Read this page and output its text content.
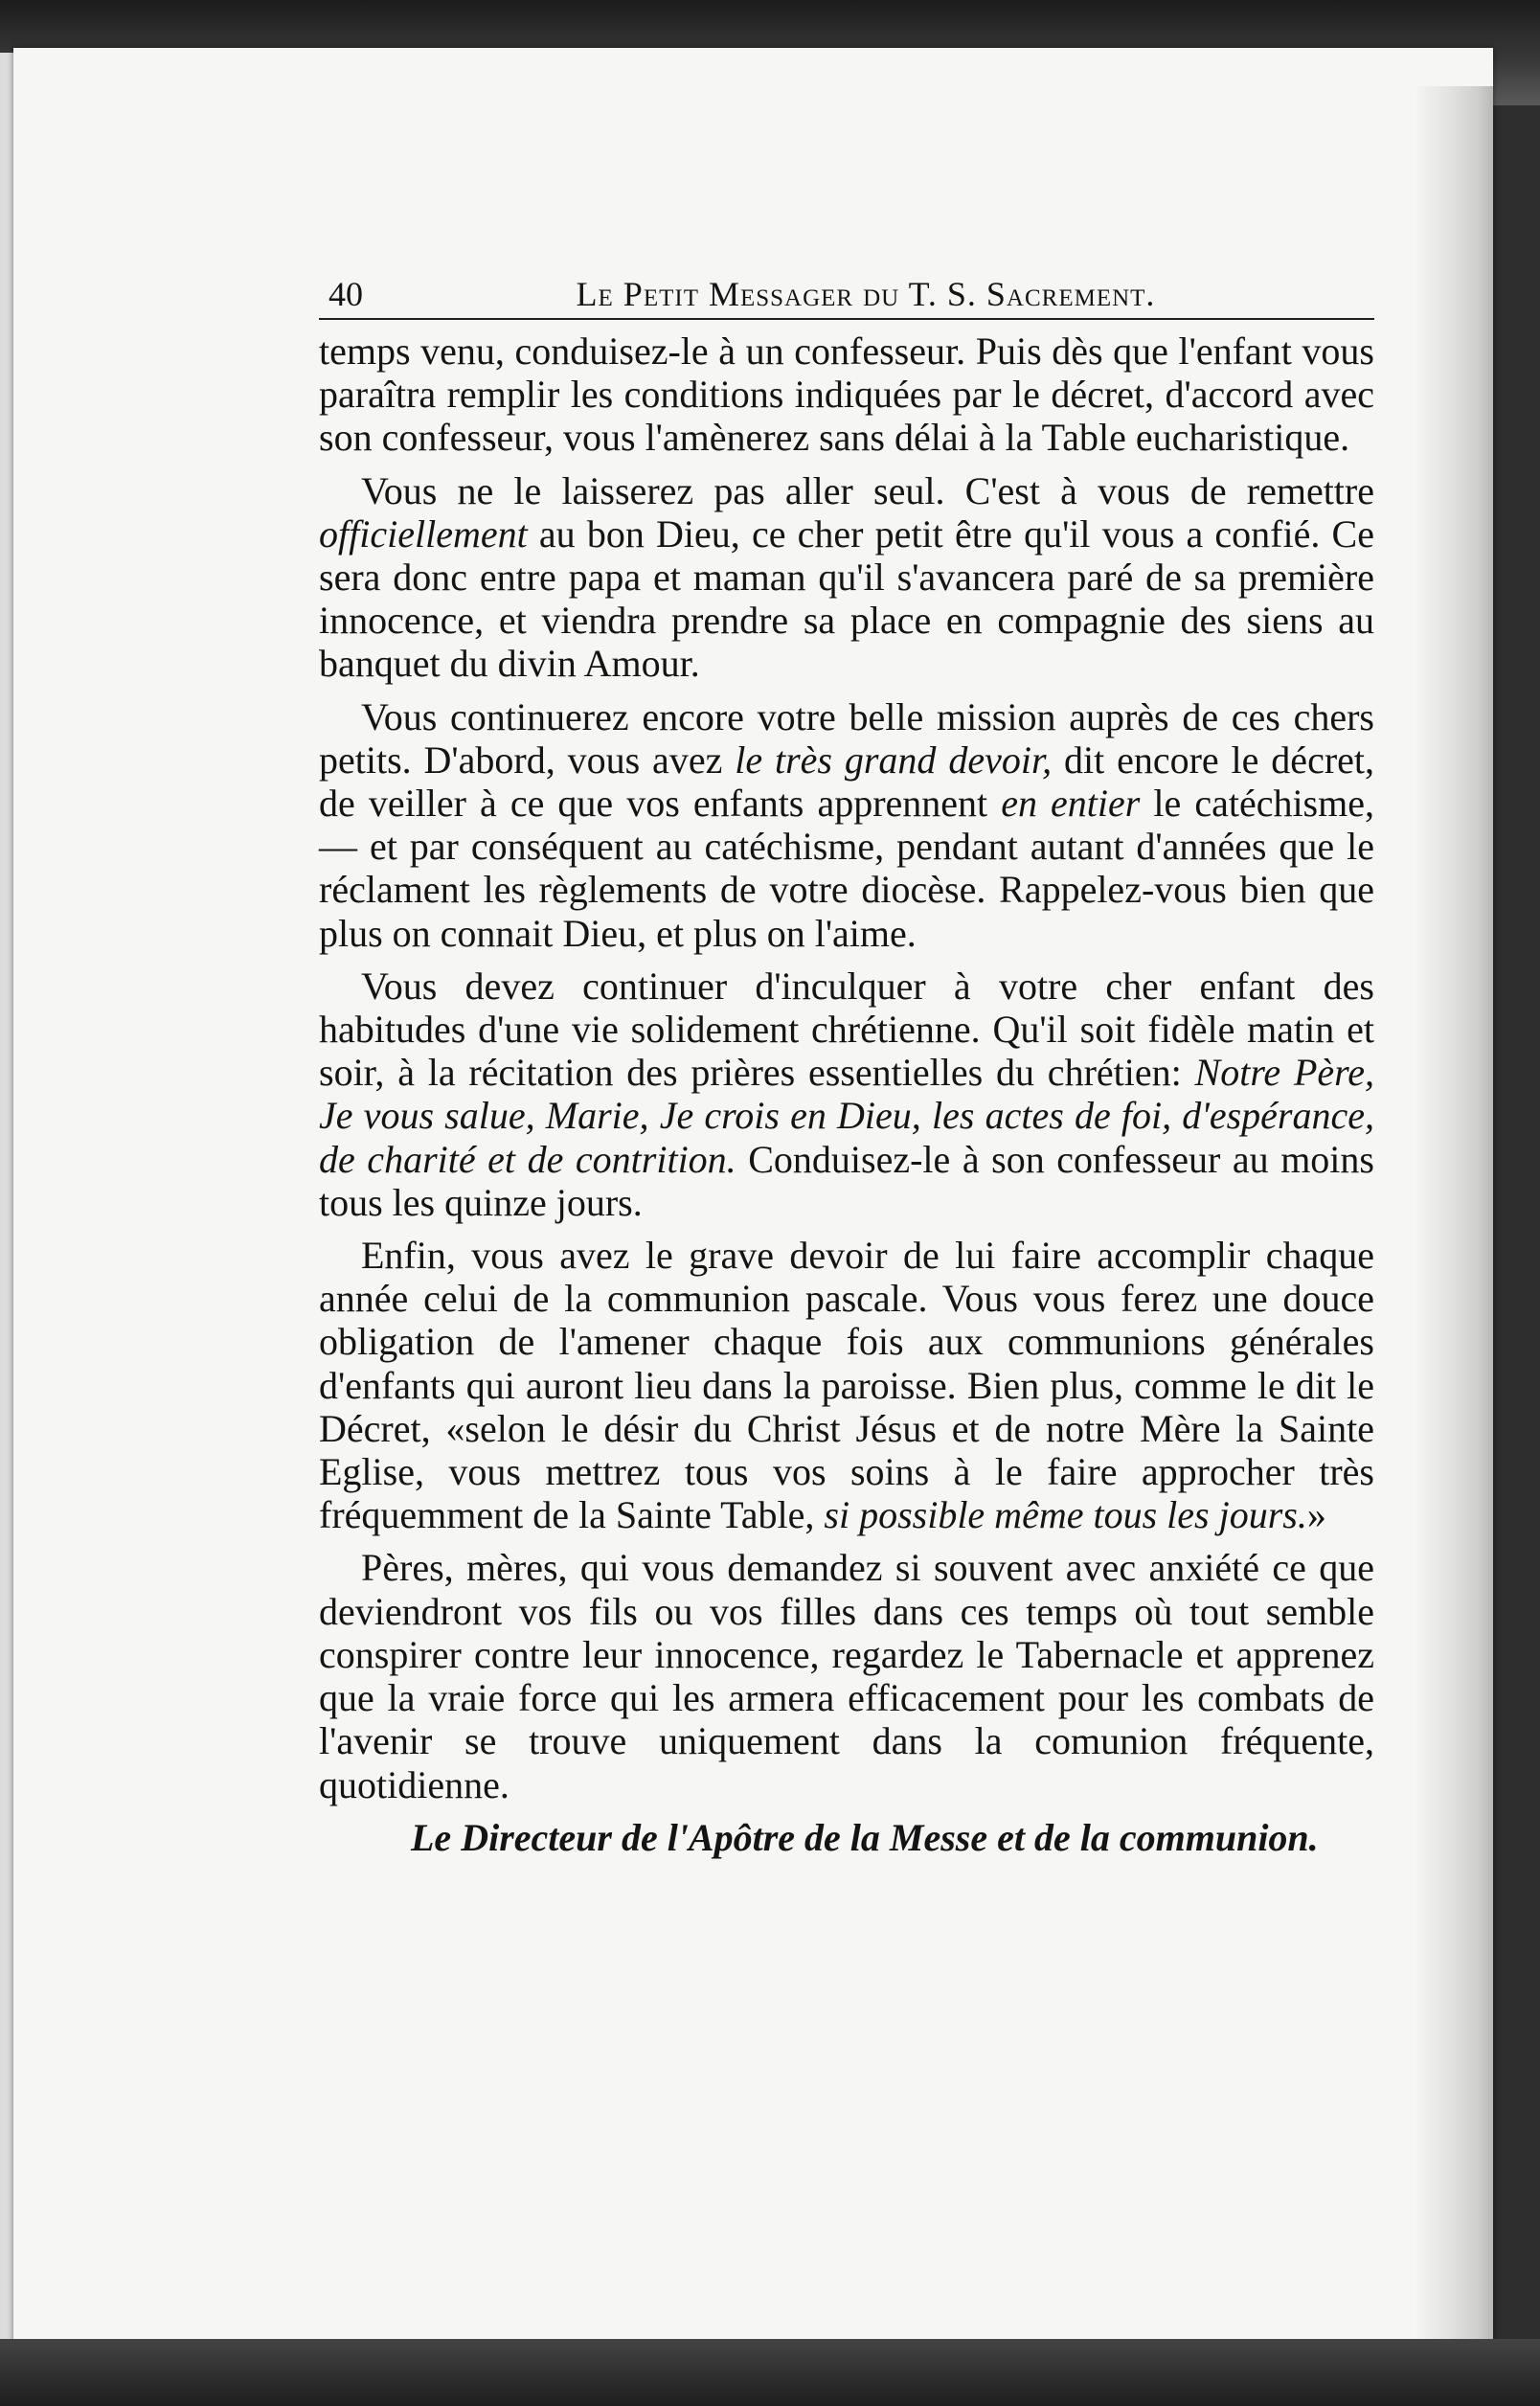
40	Le Petit Messager du T. S. Sacrement.

temps venu, conduisez-le à un confesseur. Puis dès que l'enfant vous paraîtra remplir les conditions indiquées par le décret, d'accord avec son confesseur, vous l'amènerez sans délai à la Table eucharistique.

Vous ne le laisserez pas aller seul. C'est à vous de remettre officiellement au bon Dieu, ce cher petit être qu'il vous a confié. Ce sera donc entre papa et maman qu'il s'avancera paré de sa première innocence, et viendra prendre sa place en compagnie des siens au banquet du divin Amour.

Vous continuerez encore votre belle mission auprès de ces chers petits. D'abord, vous avez le très grand devoir, dit encore le décret, de veiller à ce que vos enfants apprennent en entier le catéchisme, — et par conséquent au catéchisme, pendant autant d'années que le réclament les règlements de votre diocèse. Rappelez-vous bien que plus on connait Dieu, et plus on l'aime.

Vous devez continuer d'inculquer à votre cher enfant des habitudes d'une vie solidement chrétienne. Qu'il soit fidèle matin et soir, à la récitation des prières essentielles du chrétien: Notre Père, Je vous salue, Marie, Je crois en Dieu, les actes de foi, d'espérance, de charité et de contrition. Conduisez-le à son confesseur au moins tous les quinze jours.

Enfin, vous avez le grave devoir de lui faire accomplir chaque année celui de la communion pascale. Vous vous ferez une douce obligation de l'amener chaque fois aux communions générales d'enfants qui auront lieu dans la paroisse. Bien plus, comme le dit le Décret, «selon le désir du Christ Jésus et de notre Mère la Sainte Eglise, vous mettrez tous vos soins à le faire approcher très fréquemment de la Sainte Table, si possible même tous les jours.»

Pères, mères, qui vous demandez si souvent avec anxiété ce que deviendront vos fils ou vos filles dans ces temps où tout semble conspirer contre leur innocence, regardez le Tabernacle et apprenez que la vraie force qui les armera efficacement pour les combats de l'avenir se trouve uniquement dans la comunion fréquente, quotidienne.

Le Directeur de l'Apôtre de la Messe et de la communion.
